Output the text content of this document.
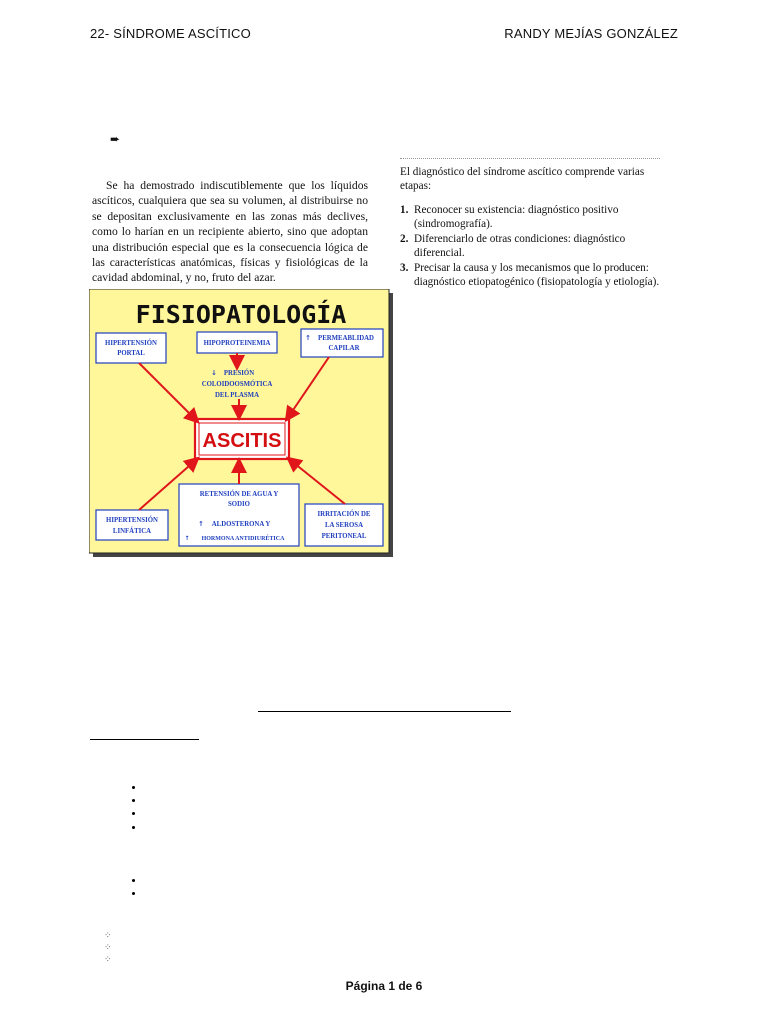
22- SÍNDROME ASCÍTICO	RANDY MEJÍAS GONZÁLEZ
➨

Se ha demostrado indiscutiblemente que los líquidos ascíticos, cualquiera que sea su volumen, al distribuirse no se depositan exclusivamente en las zonas más declives, como lo harían en un recipiente abierto, sino que adoptan una distribución especial que es la consecuencia lógica de las características anatómicas, físicas y fisiológicas de la cavidad abdominal, y no, fruto del azar.

El diagnóstico del síndrome ascítico comprende varias etapas:

1. Reconocer su existencia: diagnóstico positivo (sindromografía).
2. Diferenciarlo de otras condiciones: diagnóstico diferencial.
3. Precisar la causa y los mecanismos que lo producen: diagnóstico etiopatogénico (fisiopatología y etiología).
FISIOPATOLOGÍA
HIPERTENSIÓN
PORTAL
HIPOPROTEINEMIA
↑ PERMEABLIDAD
CAPILAR
↓ PRESIÓN
COLOIDOOSMÓTICA
DEL PLASMA
HIPERTENSIÓN
LINFÁTICA
RETENSIÓN DE AGUA Y
SODIO
↑ ALDOSTERONA Y
↑ HORMONA ANTIDIURÉTICA
IRRITACIÓN DE
LA SEROSA
PERITONEAL
ASCITIS
⁘
⁘
⁘
Página 1 de 6
